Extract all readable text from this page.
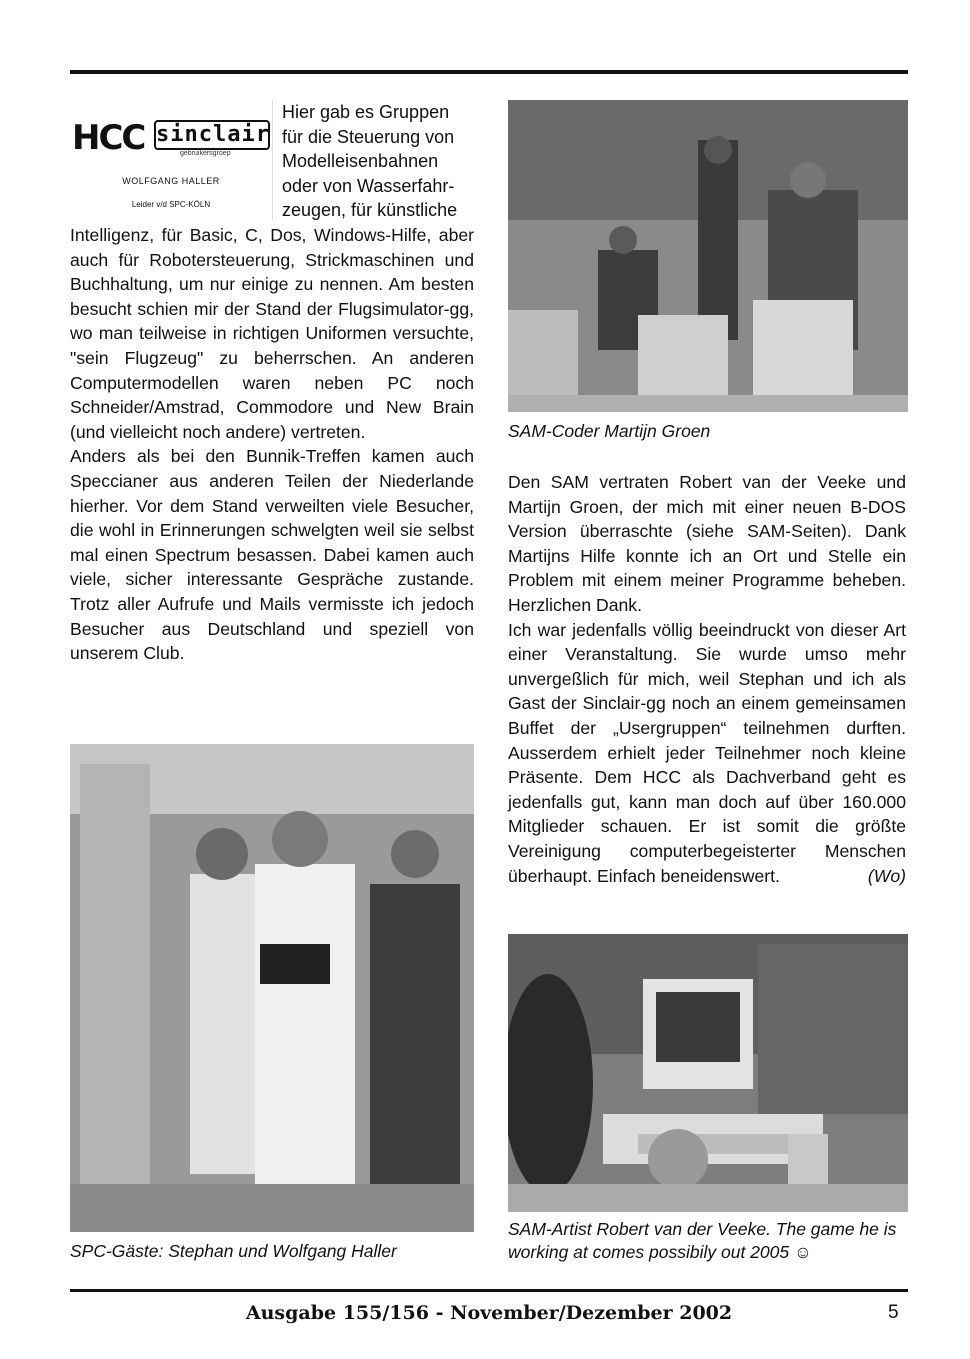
HCC sinclair
gebruikersgroep
WOLFGANG HALLER
Leider v/d SPC-KÖLN
Hier gab es Gruppen
für die Steuerung von
Modelleisenbahnen
oder von Wasserfahr-
zeugen, für künstliche

Intelligenz, für Basic, C, Dos, Windows-Hilfe, aber auch für Robotersteuerung, Strickmaschinen und Buchhaltung, um nur einige zu nennen. Am besten besucht schien mir der Stand der Flugsimulator-gg, wo man teilweise in richtigen Uniformen versuchte, "sein Flugzeug" zu beherrschen. An anderen Computermodellen waren neben PC noch Schneider/Amstrad, Commodore und New Brain (und vielleicht noch andere) vertreten.

Anders als bei den Bunnik-Treffen kamen auch Speccianer aus anderen Teilen der Niederlande hierher. Vor dem Stand verweilten viele Besucher, die wohl in Erinnerungen schwelgten weil sie selbst mal einen Spectrum besassen. Dabei kamen auch viele, sicher interessante Gespräche zustande. Trotz aller Aufrufe und Mails vermisste ich jedoch Besucher aus Deutschland und speziell von unserem Club.

SAM-Coder Martijn Groen

Den SAM vertraten Robert van der Veeke und Martijn Groen, der mich mit einer neuen B-DOS Version überraschte (siehe SAM-Seiten). Dank Martijns Hilfe konnte ich an Ort und Stelle ein Problem mit einem meiner Programme beheben. Herzlichen Dank.

Ich war jedenfalls völlig beeindruckt von dieser Art einer Veranstaltung. Sie wurde umso mehr unvergeßlich für mich, weil Stephan und ich als Gast der Sinclair-gg noch an einem gemeinsamen Buffet der „Usergruppen“ teilnehmen durften. Ausserdem erhielt jeder Teilnehmer noch kleine Präsente. Dem HCC als Dachverband geht es jedenfalls gut, kann man doch auf über 160.000 Mitglieder schauen. Er ist somit die größte Vereinigung computerbegeisterter Menschen überhaupt. Einfach beneidenswert.	(Wo)

SPC-Gäste: Stephan und Wolfgang Haller
SAM-Artist Robert van der Veeke. The game he is working at comes possibily out 2005 ☺
Ausgabe 155/156 - November/Dezember 2002	5
